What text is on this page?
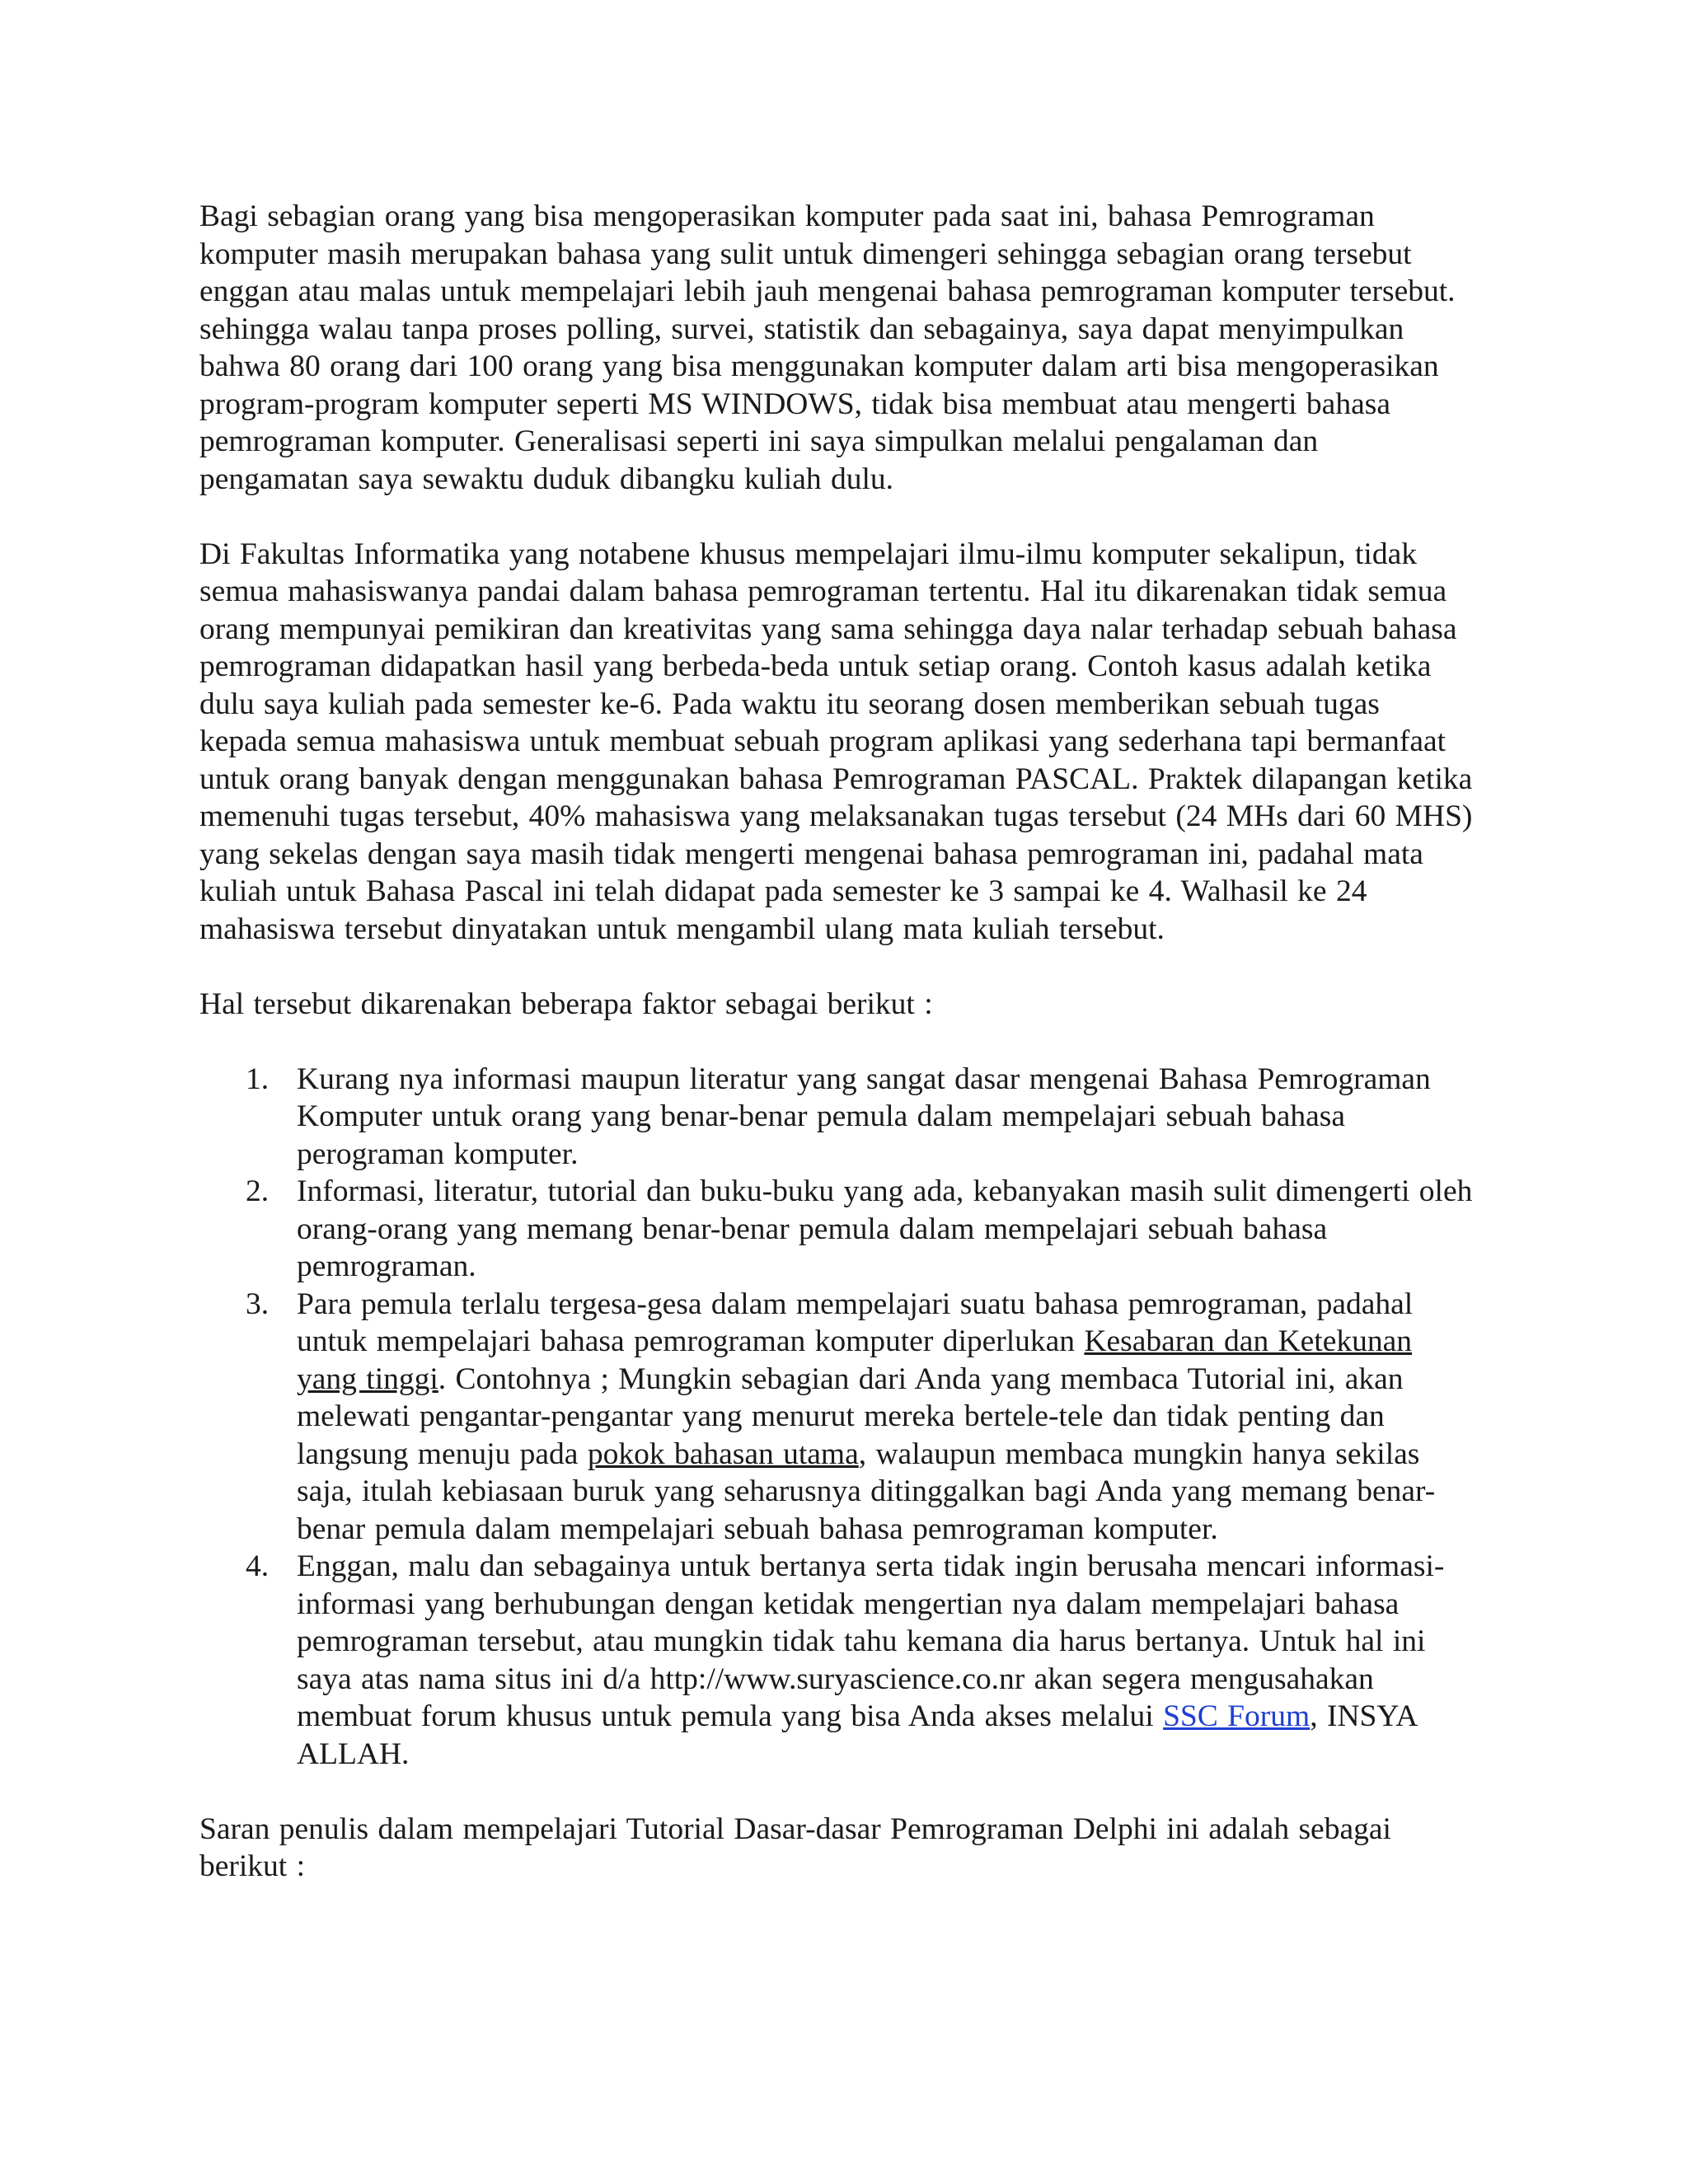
Bagi sebagian orang yang bisa mengoperasikan komputer pada saat ini, bahasa Pemrograman komputer masih merupakan bahasa yang sulit untuk dimengeri sehingga sebagian orang tersebut enggan atau malas untuk mempelajari lebih jauh mengenai bahasa pemrograman komputer tersebut. sehingga walau tanpa proses polling, survei, statistik dan sebagainya, saya dapat menyimpulkan bahwa 80 orang dari 100 orang yang bisa menggunakan komputer dalam arti bisa mengoperasikan program-program komputer seperti MS WINDOWS, tidak bisa membuat atau mengerti bahasa pemrograman komputer. Generalisasi seperti ini saya simpulkan melalui pengalaman dan pengamatan saya sewaktu duduk dibangku kuliah dulu.

Di Fakultas Informatika yang notabene khusus mempelajari ilmu-ilmu komputer sekalipun, tidak semua mahasiswanya pandai dalam bahasa pemrograman tertentu. Hal itu dikarenakan tidak semua orang mempunyai pemikiran dan kreativitas yang sama sehingga daya nalar terhadap sebuah bahasa pemrograman didapatkan hasil yang berbeda-beda untuk setiap orang. Contoh kasus adalah ketika dulu saya kuliah pada semester ke-6. Pada waktu itu seorang dosen memberikan sebuah tugas kepada semua mahasiswa untuk membuat sebuah program aplikasi yang sederhana tapi bermanfaat untuk orang banyak dengan menggunakan bahasa Pemrograman PASCAL. Praktek dilapangan ketika memenuhi tugas tersebut, 40% mahasiswa yang melaksanakan tugas tersebut (24 MHs dari 60 MHS) yang sekelas dengan saya masih tidak mengerti mengenai bahasa pemrograman ini, padahal mata kuliah untuk Bahasa Pascal ini telah didapat pada semester ke 3 sampai ke 4. Walhasil ke 24 mahasiswa tersebut dinyatakan untuk mengambil ulang mata kuliah tersebut.

Hal tersebut dikarenakan beberapa faktor sebagai berikut :

1. Kurang nya informasi maupun literatur yang sangat dasar mengenai Bahasa Pemrograman Komputer untuk orang yang benar-benar pemula dalam mempelajari sebuah bahasa perograman komputer.
2. Informasi, literatur, tutorial dan buku-buku yang ada, kebanyakan masih sulit dimengerti oleh orang-orang yang memang benar-benar pemula dalam mempelajari sebuah bahasa pemrograman.
3. Para pemula terlalu tergesa-gesa dalam mempelajari suatu bahasa pemrograman, padahal untuk mempelajari bahasa pemrograman komputer diperlukan Kesabaran dan Ketekunan yang tinggi. Contohnya ; Mungkin sebagian dari Anda yang membaca Tutorial ini, akan melewati pengantar-pengantar yang menurut mereka bertele-tele dan tidak penting dan langsung menuju pada pokok bahasan utama, walaupun membaca mungkin hanya sekilas saja, itulah kebiasaan buruk yang seharusnya ditinggalkan bagi Anda yang memang benar-benar pemula dalam mempelajari sebuah bahasa pemrograman komputer.
4. Enggan, malu dan sebagainya untuk bertanya serta tidak ingin berusaha mencari informasi-informasi yang berhubungan dengan ketidak mengertian nya dalam mempelajari bahasa pemrograman tersebut, atau mungkin tidak tahu kemana dia harus bertanya. Untuk hal ini saya atas nama situs ini d/a http://www.suryascience.co.nr akan segera mengusahakan membuat forum khusus untuk pemula yang bisa Anda akses melalui SSC Forum, INSYA ALLAH.

Saran penulis dalam mempelajari Tutorial Dasar-dasar Pemrograman Delphi ini adalah sebagai berikut :
